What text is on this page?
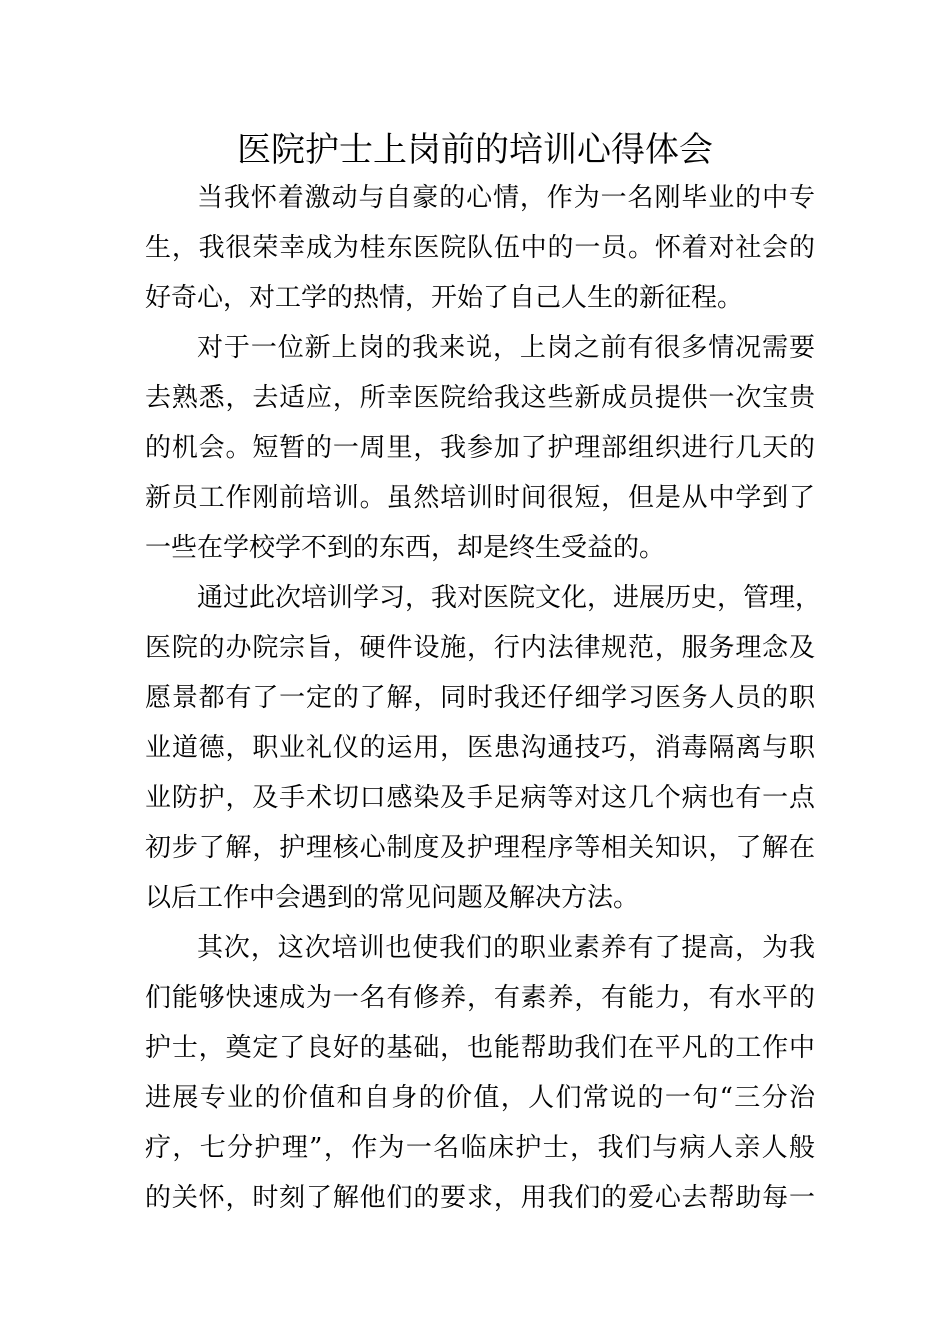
医院护士上岗前的培训心得体会
当我怀着激动与自豪的心情，作为一名刚毕业的中专
生，我很荣幸成为桂东医院队伍中的一员。怀着对社会的
好奇心，对工学的热情，开始了自己人生的新征程。
对于一位新上岗的我来说，上岗之前有很多情况需要
去熟悉，去适应，所幸医院给我这些新成员提供一次宝贵
的机会。短暂的一周里，我参加了护理部组织进行几天的
新员工作刚前培训。虽然培训时间很短，但是从中学到了
一些在学校学不到的东西，却是终生受益的。
通过此次培训学习，我对医院文化，进展历史，管理，
医院的办院宗旨，硬件设施，行内法律规范，服务理念及
愿景都有了一定的了解，同时我还仔细学习医务人员的职
业道德，职业礼仪的运用，医患沟通技巧，消毒隔离与职
业防护，及手术切口感染及手足病等对这几个病也有一点
初步了解，护理核心制度及护理程序等相关知识，了解在
以后工作中会遇到的常见问题及解决方法。
其次，这次培训也使我们的职业素养有了提高，为我
们能够快速成为一名有修养，有素养，有能力，有水平的
护士，奠定了良好的基础，也能帮助我们在平凡的工作中
进展专业的价值和自身的价值，人们常说的一句“三分治
疗，七分护理”，作为一名临床护士，我们与病人亲人般
的关怀，时刻了解他们的要求，用我们的爱心去帮助每一
